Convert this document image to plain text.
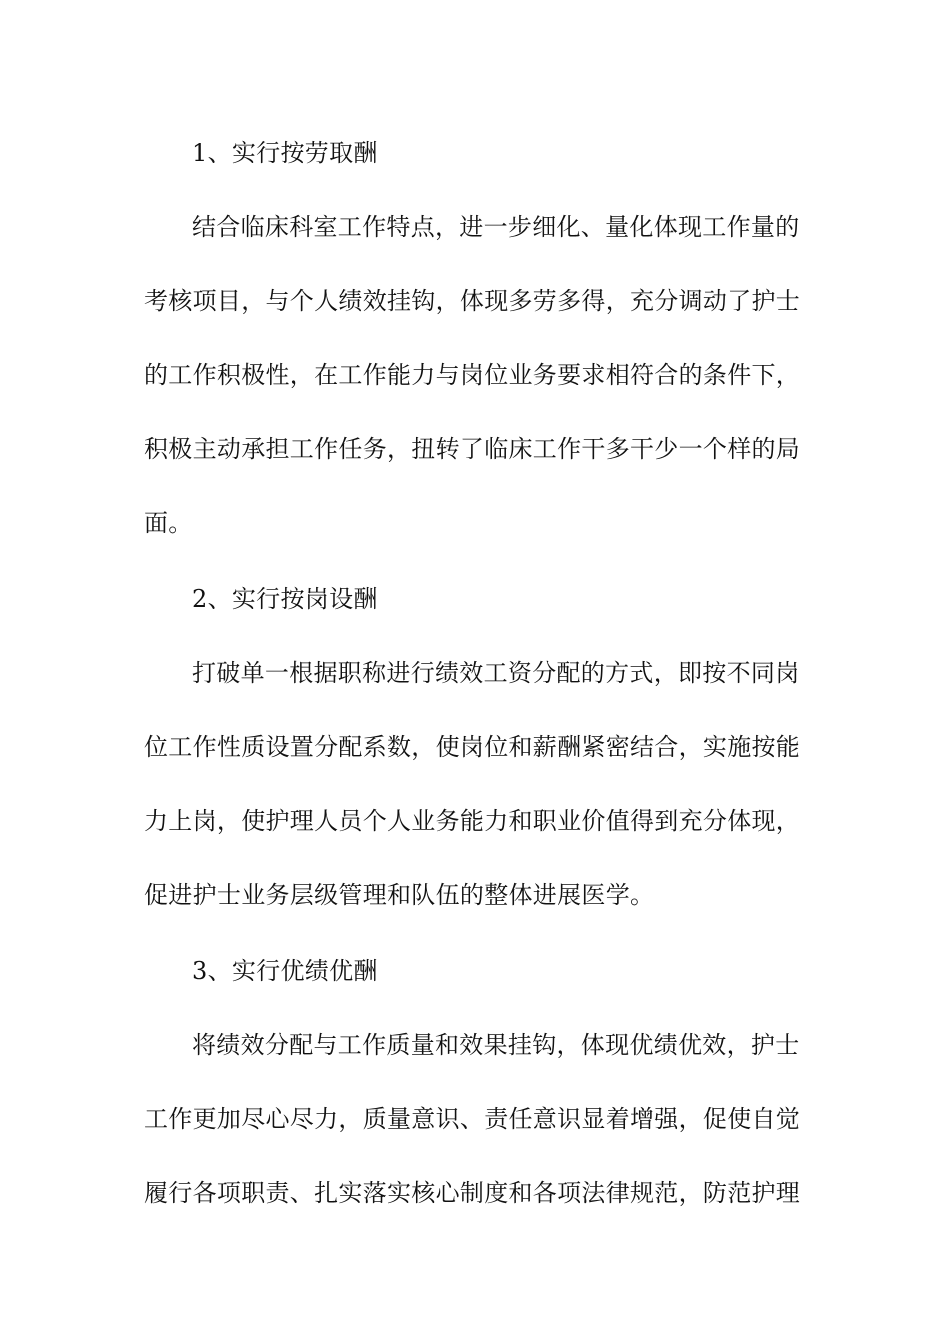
1、实行按劳取酬
结合临床科室工作特点，进一步细化、量化体现工作量的
考核项目，与个人绩效挂钩，体现多劳多得，充分调动了护士
的工作积极性，在工作能力与岗位业务要求相符合的条件下，
积极主动承担工作任务，扭转了临床工作干多干少一个样的局
面。
2、实行按岗设酬
打破单一根据职称进行绩效工资分配的方式，即按不同岗
位工作性质设置分配系数，使岗位和薪酬紧密结合，实施按能
力上岗，使护理人员个人业务能力和职业价值得到充分体现，
促进护士业务层级管理和队伍的整体进展医学。
3、实行优绩优酬
将绩效分配与工作质量和效果挂钩，体现优绩优效，护士
工作更加尽心尽力，质量意识、责任意识显着增强，促使自觉
履行各项职责、扎实落实核心制度和各项法律规范，防范护理
